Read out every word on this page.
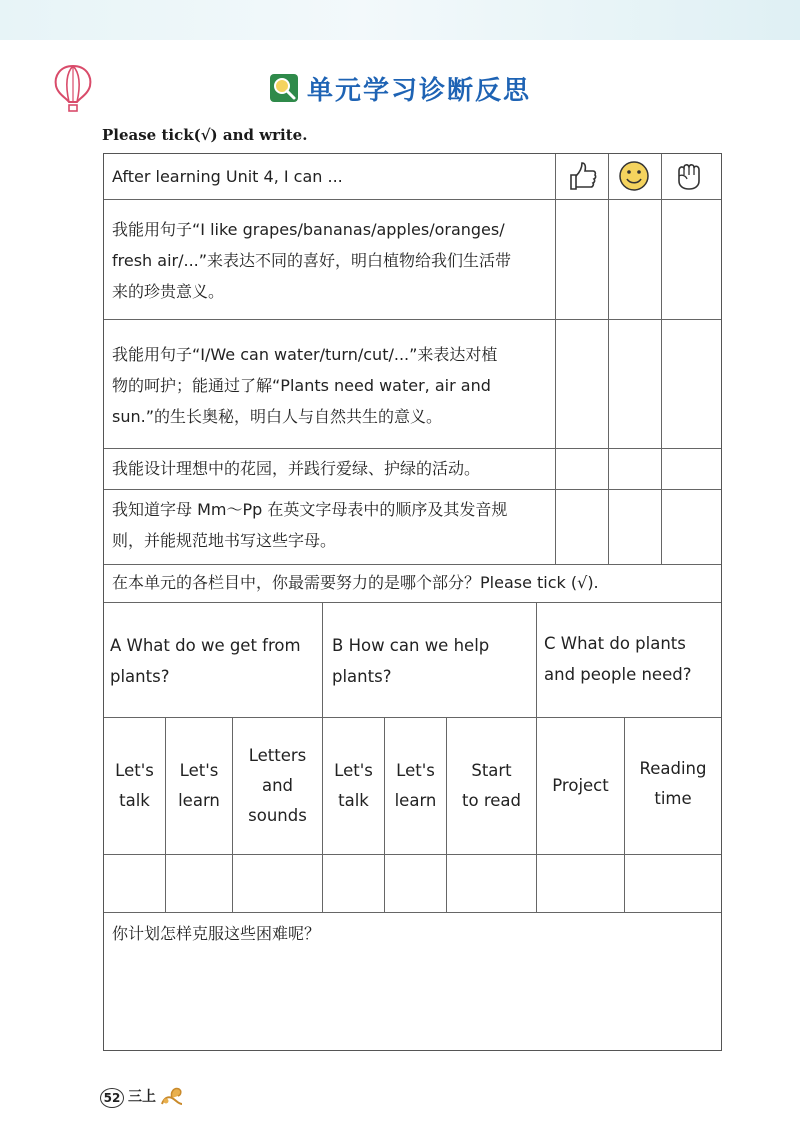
单元学习诊断反思
Please tick(√) and write.
After learning Unit 4, I can ...
我能用句子“I like grapes/bananas/apples/oranges/
fresh air/...”来表达不同的喜好，明白植物给我们生活带
来的珍贵意义。
我能用句子“I/We can water/turn/cut/...”来表达对植
物的呵护；能通过了解“Plants need water, air and
sun.”的生长奥秘，明白人与自然共生的意义。
我能设计理想中的花园，并践行爱绿、护绿的活动。
我知道字母 Mm～Pp 在英文字母表中的顺序及其发音规
则，并能规范地书写这些字母。
在本单元的各栏目中，你最需要努力的是哪个部分？Please tick (√).
A What do we get from
plants?
B How can we help
plants?
C What do plants
and people need?
Let's
talk
Let's
learn
Letters
and sounds
Let's
talk
Let's
learn
Start
to read
Project
Reading
time
你计划怎样克服这些困难呢？
52 三上
